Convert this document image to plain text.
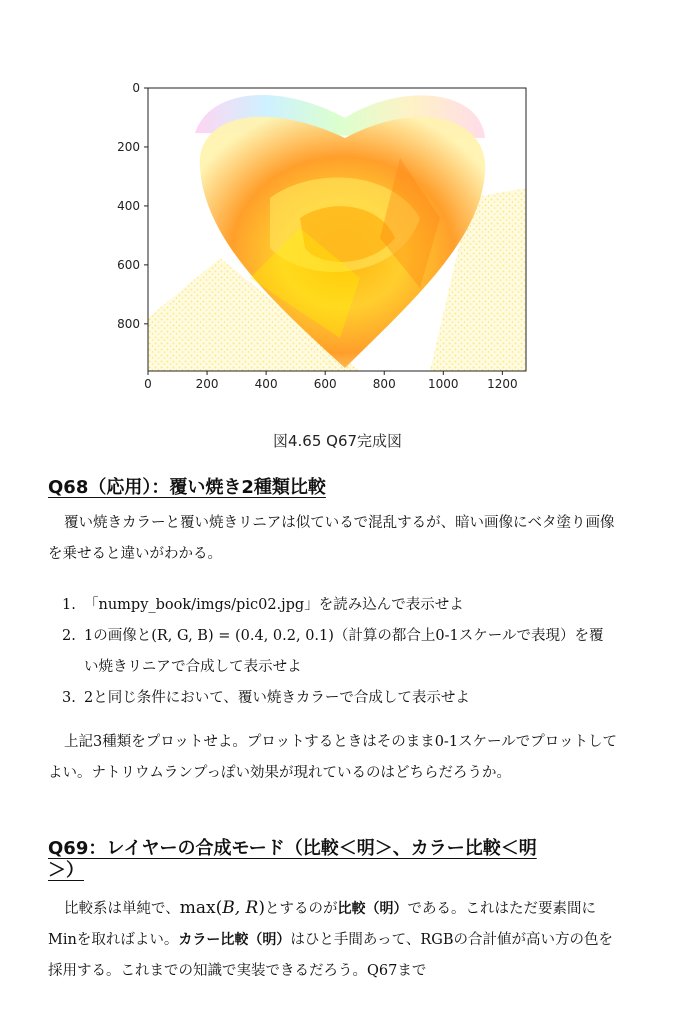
0	200	400	600	800	1000 1200
0
200
400
600
800
図4.65 Q67完成図
Q68（応用）：覆い焼き2種類比較

覆い焼きカラーと覆い焼きリニアは似ているで混乱するが、暗い画像にベタ塗り画像を乗せると違いがわかる。

1. 「numpy_book/imgs/pic02.jpg」を読み込んで表示せよ
2. 1の画像と(R, G, B) = (0.4, 0.2, 0.1)（計算の都合上0-1スケールで表現）を覆い焼きリニアで合成して表示せよ
3. 2と同じ条件において、覆い焼きカラーで合成して表示せよ

上記3種類をプロットせよ。プロットするときはそのまま0-1スケールでプロットしてよい。ナトリウムランプっぽい効果が現れているのはどちらだろうか。

Q69：レイヤーの合成モード（比較＜明＞、カラー比較＜明
＞）

比較系は単純で、max(B, R)とするのが比較（明）である。これはただ要素間にMinを取ればよい。カラー比較（明）はひと手間あって、RGBの合計値が高い方の色を採用する。これまでの知識で実装できるだろう。Q67まで
